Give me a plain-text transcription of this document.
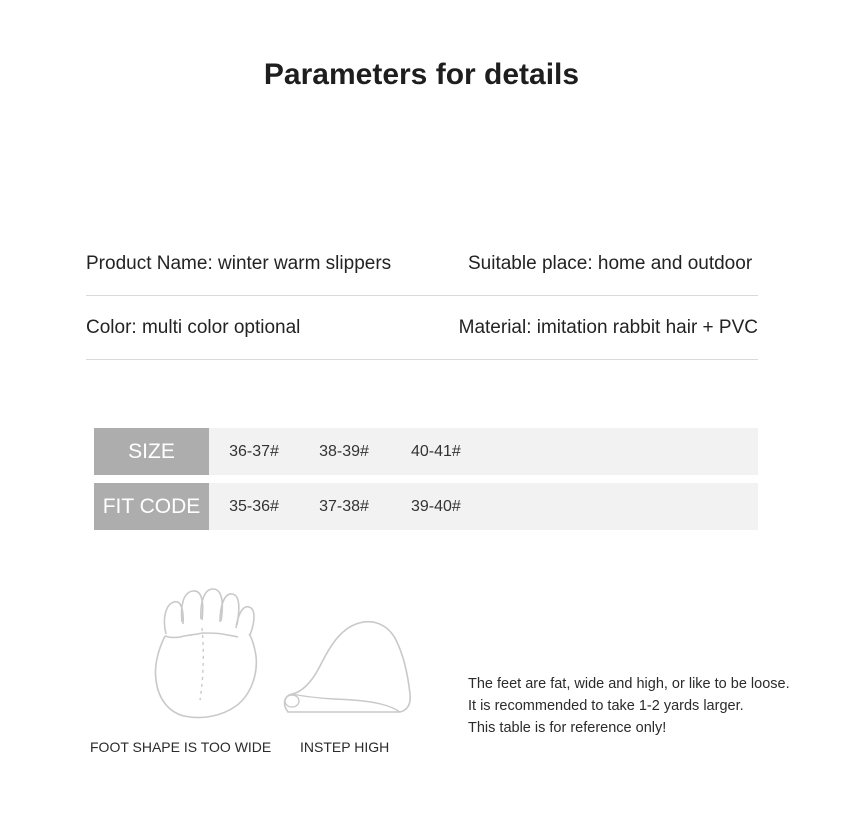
Parameters for details
Product Name: winter warm slippers	Suitable place: home and outdoor
Color: multi color optional	Material: imitation rabbit hair + PVC
SIZE	36-37#	38-39#	40-41#
FIT CODE	35-36#	37-38#	39-40#
FOOT SHAPE IS TOO WIDE INSTEP HIGH
The feet are fat, wide and high, or like to be loose.
It is recommended to take 1-2 yards larger.
This table is for reference only!
